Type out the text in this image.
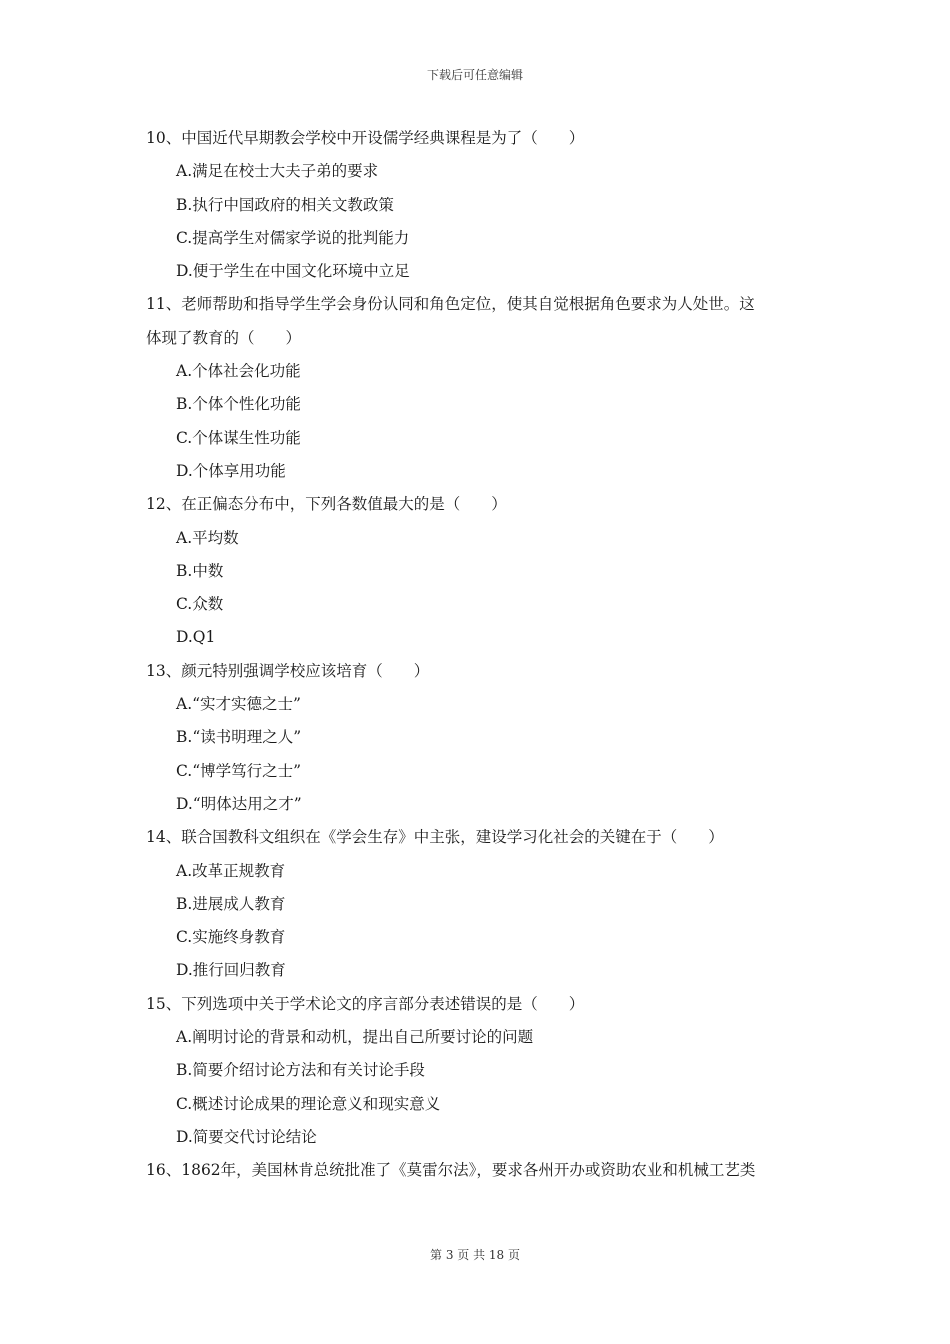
下载后可任意编辑
10、中国近代早期教会学校中开设儒学经典课程是为了（　　）
A.满足在校士大夫子弟的要求
B.执行中国政府的相关文教政策
C.提高学生对儒家学说的批判能力
D.便于学生在中国文化环境中立足
11、老师帮助和指导学生学会身份认同和角色定位，使其自觉根据角色要求为人处世。这
体现了教育的（　　）
A.个体社会化功能
B.个体个性化功能
C.个体谋生性功能
D.个体享用功能
12、在正偏态分布中，下列各数值最大的是（　　）
A.平均数
B.中数
C.众数
D.Q1
13、颜元特别强调学校应该培育（　　）
A.“实才实德之士”
B.“读书明理之人”
C.“博学笃行之士”
D.“明体达用之才”
14、联合国教科文组织在《学会生存》中主张，建设学习化社会的关键在于（　　）
A.改革正规教育
B.进展成人教育
C.实施终身教育
D.推行回归教育
15、下列选项中关于学术论文的序言部分表述错误的是（　　）
A.阐明讨论的背景和动机，提出自己所要讨论的问题
B.简要介绍讨论方法和有关讨论手段
C.概述讨论成果的理论意义和现实意义
D.简要交代讨论结论
16、1862年，美国林肯总统批准了《莫雷尔法》，要求各州开办或资助农业和机械工艺类
第 3 页 共 18 页
